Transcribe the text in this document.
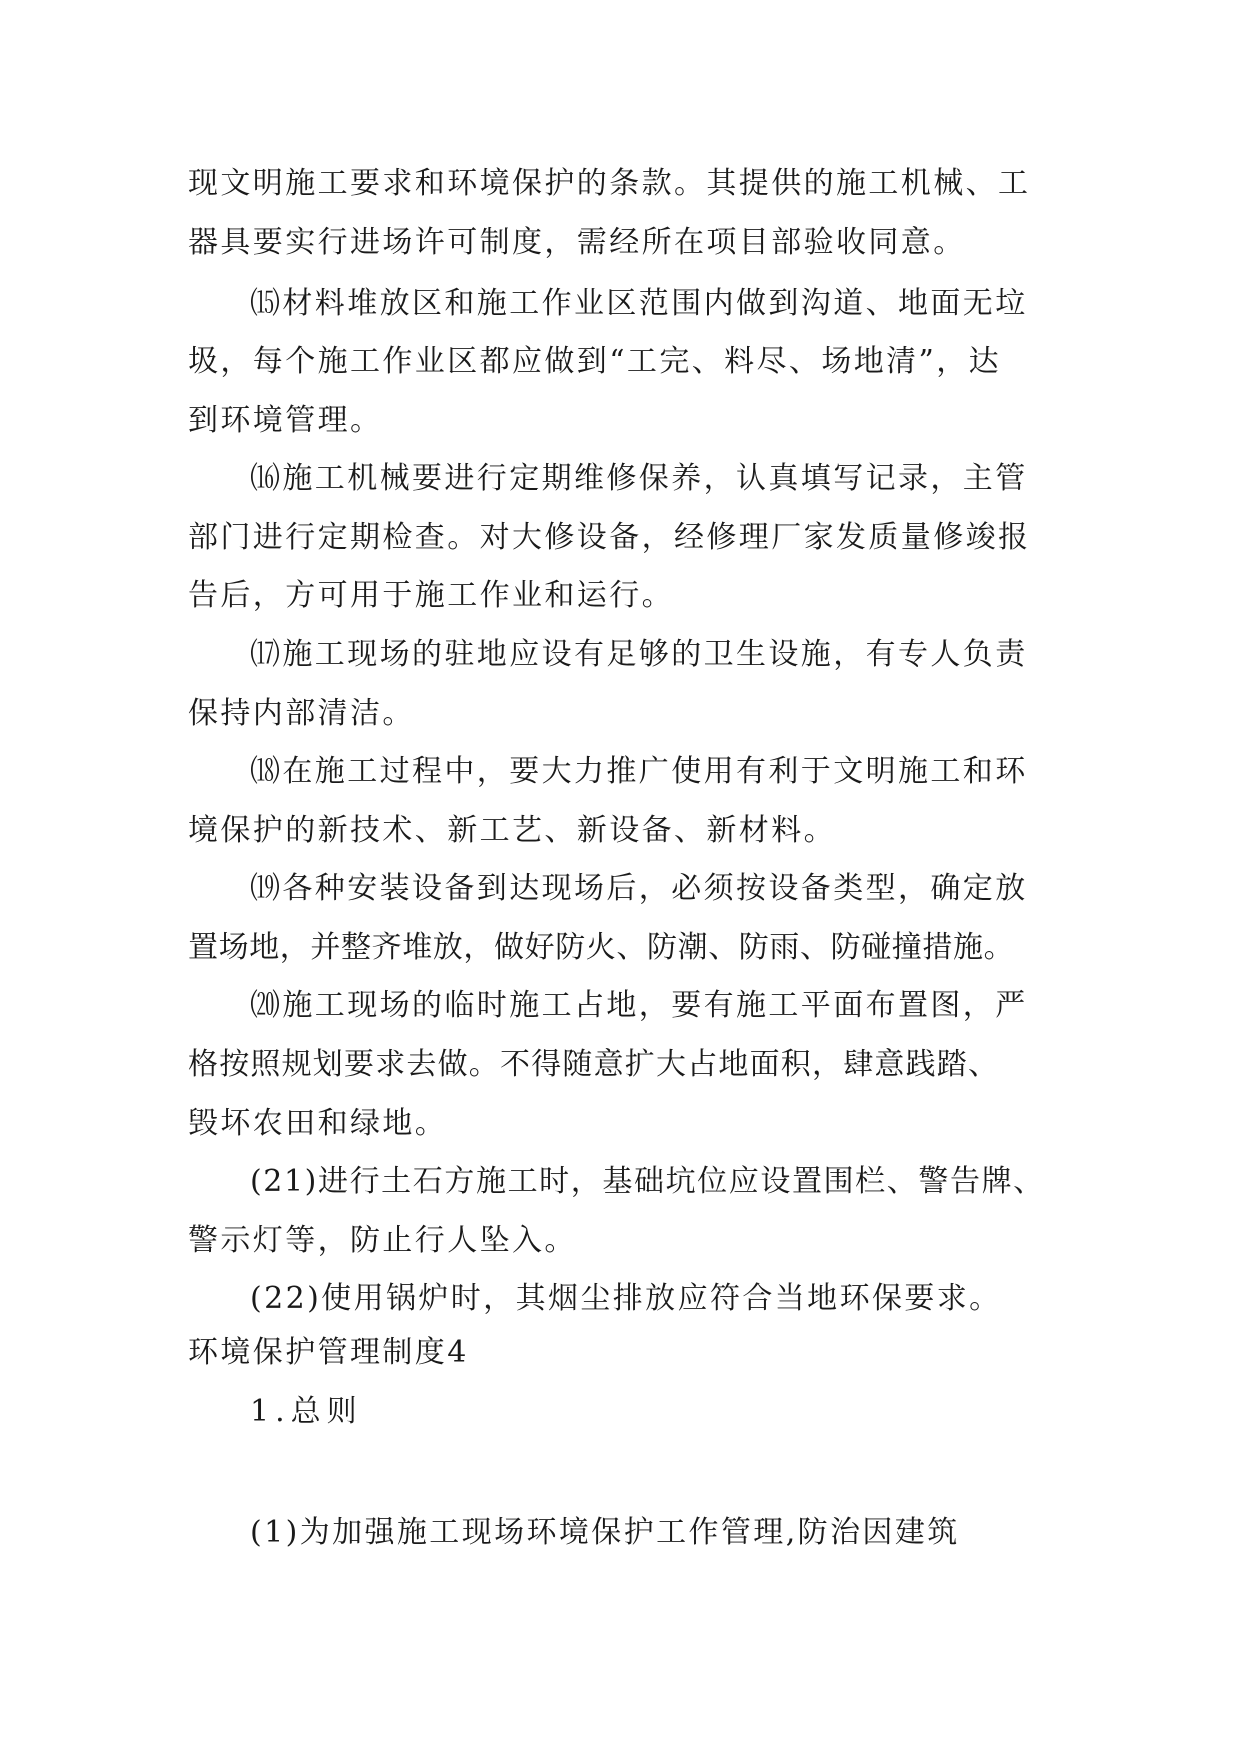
现文明施工要求和环境保护的条款。其提供的施工机械、工
器具要实行进场许可制度，需经所在项目部验收同意。
⒂材料堆放区和施工作业区范围内做到沟道、地面无垃
圾，每个施工作业区都应做到“工完、料尽、场地清”，达
到环境管理。
⒃施工机械要进行定期维修保养，认真填写记录，主管
部门进行定期检查。对大修设备，经修理厂家发质量修竣报
告后，方可用于施工作业和运行。
⒄施工现场的驻地应设有足够的卫生设施，有专人负责
保持内部清洁。
⒅在施工过程中，要大力推广使用有利于文明施工和环
境保护的新技术、新工艺、新设备、新材料。
⒆各种安装设备到达现场后，必须按设备类型，确定放
置场地，并整齐堆放，做好防火、防潮、防雨、防碰撞措施。
⒇施工现场的临时施工占地，要有施工平面布置图，严
格按照规划要求去做。不得随意扩大占地面积，肆意践踏、
毁坏农田和绿地。
(21)进行土石方施工时，基础坑位应设置围栏、警告牌、
警示灯等，防止行人坠入。
(22)使用锅炉时，其烟尘排放应符合当地环保要求。
环境保护管理制度4
1.总则
(1)为加强施工现场环境保护工作管理,防治因建筑
